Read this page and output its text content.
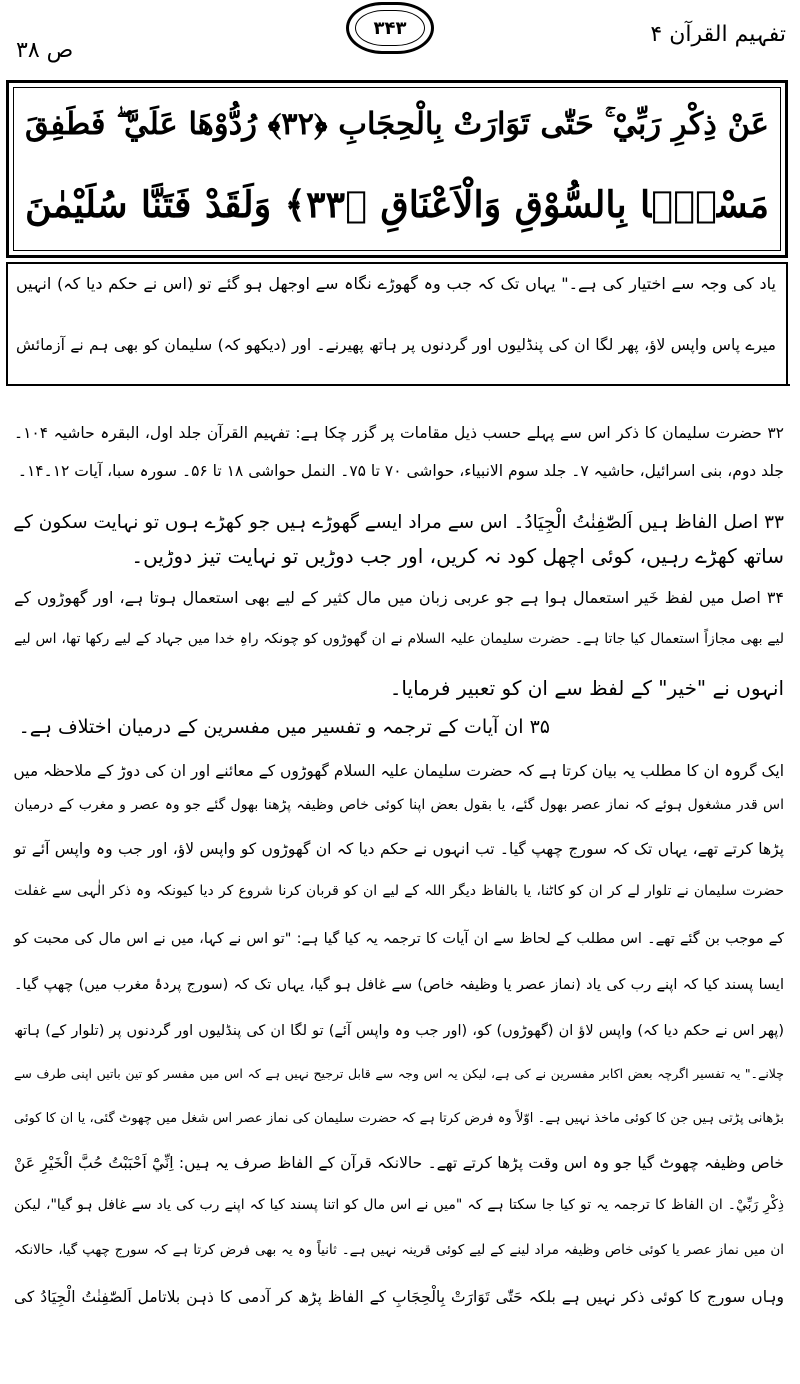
تفہیم القرآن ۴
۳۴۳
ص ۳۸
عَنْ ذِكْرِ رَبِّيْ ۚ حَتّٰى تَوَارَتْ بِالْحِجَابِ ﴿۳۲﴾ رُدُّوْهَا عَلَيَّ ۖ فَطَفِقَ
مَسْحًۢا بِالسُّوْقِ وَالْاَعْنَاقِ ﴿۳۳﴾ وَلَقَدْ فَتَنَّا سُلَيْمٰنَ
یاد کی وجہ سے اختیار کی ہے۔" یہاں تک کہ جب وہ گھوڑے نگاہ سے اوجھل ہو گئے تو (اس نے حکم دیا کہ) انہیں
میرے پاس واپس لاؤ، پھر لگا ان کی پنڈلیوں اور گردنوں پر ہاتھ پھیرنے۔ اور (دیکھو کہ) سلیمان کو بھی ہم نے آزمائش
۳۲ حضرت سلیمان کا ذکر اس سے پہلے حسب ذیل مقامات پر گزر چکا ہے: تفہیم القرآن جلد اول، البقرہ حاشیہ ۱۰۴۔
جلد دوم، بنی اسرائیل، حاشیہ ۷۔ جلد سوم الانبیاء، حواشی ۷۰ تا ۷۵۔ النمل حواشی ۱۸ تا ۵۶۔ سورہ سبا، آیات ۱۲۔۱۴۔
۳۳ اصل الفاظ ہیں اَلصّٰفِنٰتُ الْجِيَادُ۔ اس سے مراد ایسے گھوڑے ہیں جو کھڑے ہوں تو نہایت سکون کے
ساتھ کھڑے رہیں، کوئی اچھل کود نہ کریں، اور جب دوڑیں تو نہایت تیز دوڑیں۔
۳۴ اصل میں لفظ خَیر استعمال ہوا ہے جو عربی زبان میں مال کثیر کے لیے بھی استعمال ہوتا ہے، اور گھوڑوں کے
لیے بھی مجازاً استعمال کیا جاتا ہے۔ حضرت سلیمان علیہ السلام نے ان گھوڑوں کو چونکہ راہِ خدا میں جہاد کے لیے رکھا تھا، اس لیے
انہوں نے "خیر" کے لفظ سے ان کو تعبیر فرمایا۔
۳۵ ان آیات کے ترجمہ و تفسیر میں مفسرین کے درمیان اختلاف ہے۔
ایک گروہ ان کا مطلب یہ بیان کرتا ہے کہ حضرت سلیمان علیہ السلام گھوڑوں کے معائنے اور ان کی دوڑ کے ملاحظہ میں
اس قدر مشغول ہوئے کہ نماز عصر بھول گئے، یا بقول بعض اپنا کوئی خاص وظیفہ پڑھنا بھول گئے جو وہ عصر و مغرب کے درمیان
پڑھا کرتے تھے، یہاں تک کہ سورج چھپ گیا۔ تب انہوں نے حکم دیا کہ ان گھوڑوں کو واپس لاؤ، اور جب وہ واپس آئے تو
حضرت سلیمان نے تلوار لے کر ان کو کاٹنا، یا بالفاظ دیگر اللہ کے لیے ان کو قربان کرنا شروع کر دیا کیونکہ وہ ذکر الٰہی سے غفلت
کے موجب بن گئے تھے۔ اس مطلب کے لحاظ سے ان آیات کا ترجمہ یہ کیا گیا ہے: "تو اس نے کہا، میں نے اس مال کی محبت کو
ایسا پسند کیا کہ اپنے رب کی یاد (نماز عصر یا وظیفہ خاص) سے غافل ہو گیا، یہاں تک کہ (سورج پردۂ مغرب میں) چھپ گیا۔
(پھر اس نے حکم دیا کہ) واپس لاؤ ان (گھوڑوں) کو، (اور جب وہ واپس آئے) تو لگا ان کی پنڈلیوں اور گردنوں پر (تلوار کے) ہاتھ
چلانے۔" یہ تفسیر اگرچہ بعض اکابر مفسرین نے کی ہے، لیکن یہ اس وجہ سے قابل ترجیح نہیں ہے کہ اس میں مفسر کو تین باتیں اپنی طرف سے
بڑھانی پڑتی ہیں جن کا کوئی ماخذ نہیں ہے۔ اوّلاً وہ فرض کرتا ہے کہ حضرت سلیمان کی نماز عصر اس شغل میں چھوٹ گئی، یا ان کا کوئی
خاص وظیفہ چھوٹ گیا جو وہ اس وقت پڑھا کرتے تھے۔ حالانکہ قرآن کے الفاظ صرف یہ ہیں: اِنِّيْٓ اَحْبَبْتُ حُبَّ الْخَيْرِ عَنْ
ذِكْرِ رَبِّيْ۔ ان الفاظ کا ترجمہ یہ تو کیا جا سکتا ہے کہ "میں نے اس مال کو اتنا پسند کیا کہ اپنے رب کی یاد سے غافل ہو گیا"، لیکن
ان میں نماز عصر یا کوئی خاص وظیفہ مراد لینے کے لیے کوئی قرینہ نہیں ہے۔ ثانیاً وہ یہ بھی فرض کرتا ہے کہ سورج چھپ گیا، حالانکہ
وہاں سورج کا کوئی ذکر نہیں ہے بلکہ حَتّٰى تَوَارَتْ بِالْحِجَابِ کے الفاظ پڑھ کر آدمی کا ذہن بلاتامل اَلصّٰفِنٰتُ الْجِيَادُ کی
